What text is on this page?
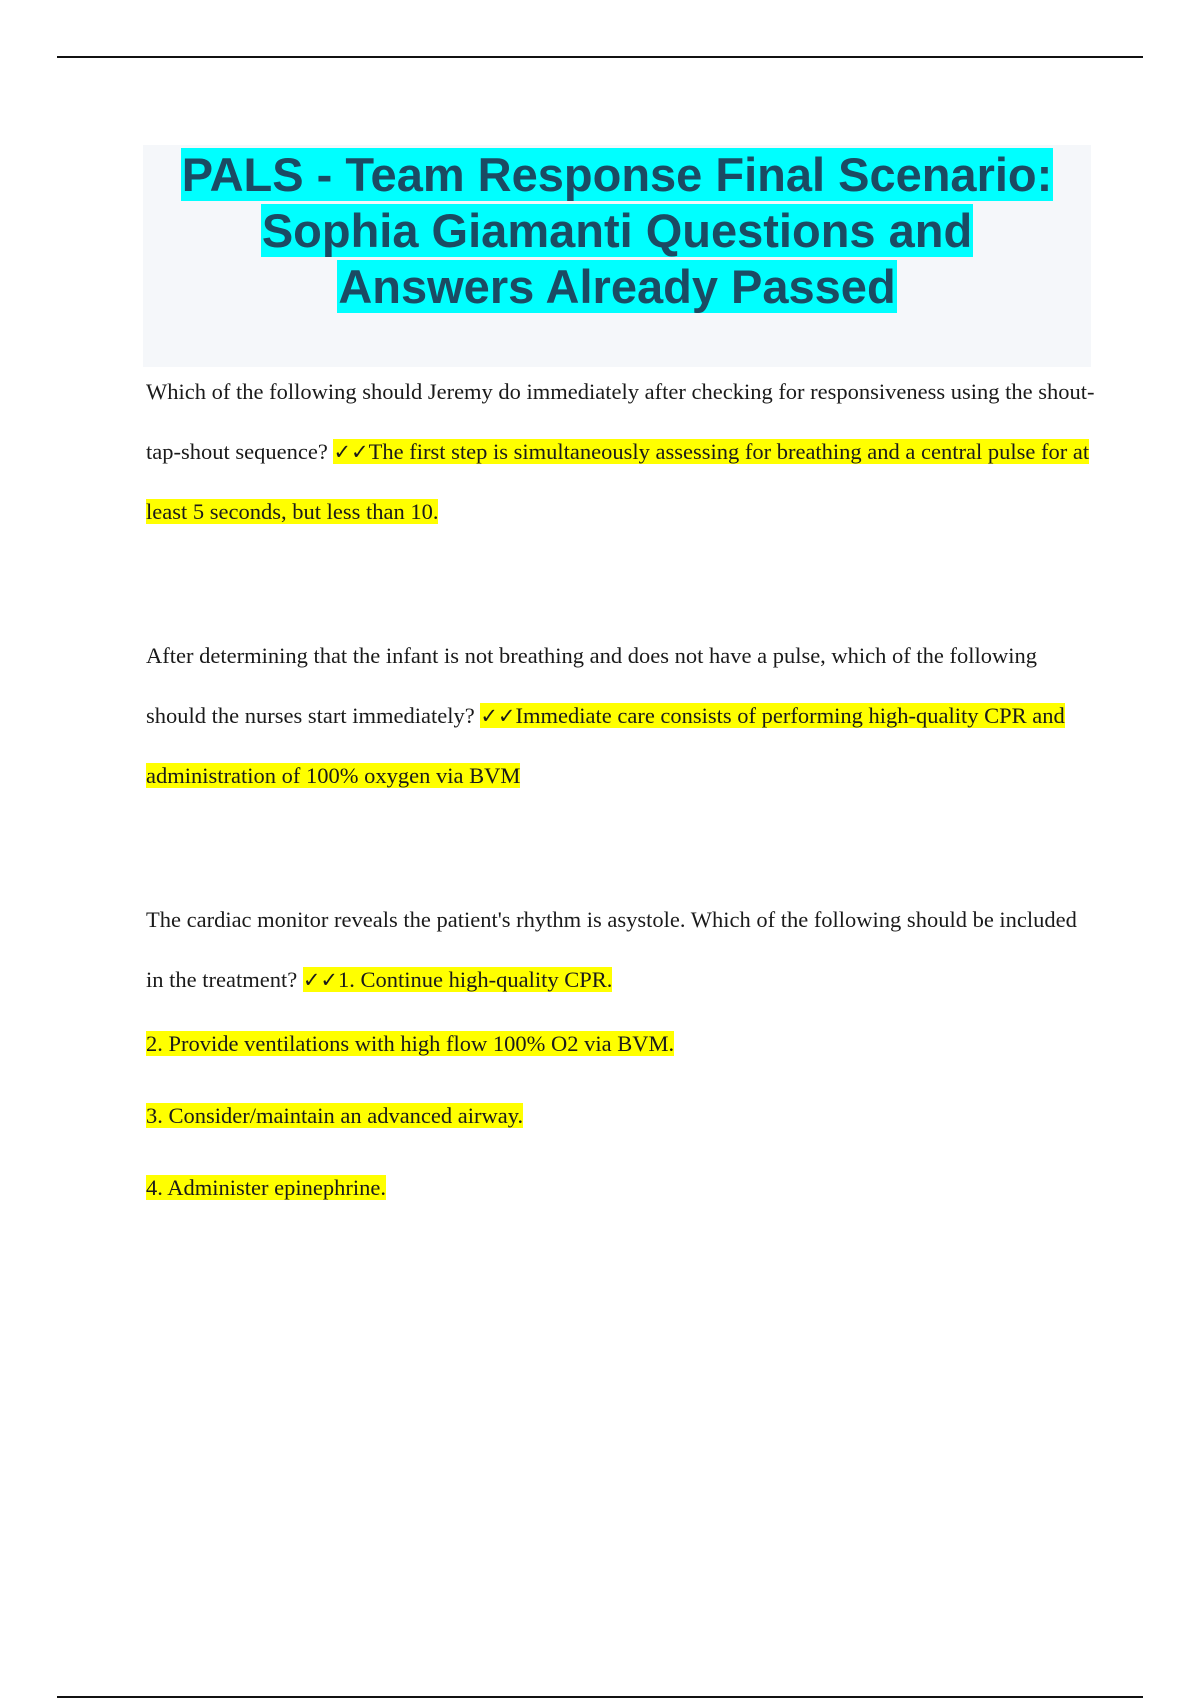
PALS - Team Response Final Scenario:
Sophia Giamanti Questions and
Answers Already Passed

Which of the following should Jeremy do immediately after checking for responsiveness using the shout-tap-shout sequence? ✓✓The first step is simultaneously assessing for breathing and a central pulse for at least 5 seconds, but less than 10.

After determining that the infant is not breathing and does not have a pulse, which of the following should the nurses start immediately? ✓✓Immediate care consists of performing high-quality CPR and administration of 100% oxygen via BVM

The cardiac monitor reveals the patient's rhythm is asystole. Which of the following should be included in the treatment? ✓✓1. Continue high-quality CPR.
2. Provide ventilations with high flow 100% O2 via BVM.
3. Consider/maintain an advanced airway.
4. Administer epinephrine.
